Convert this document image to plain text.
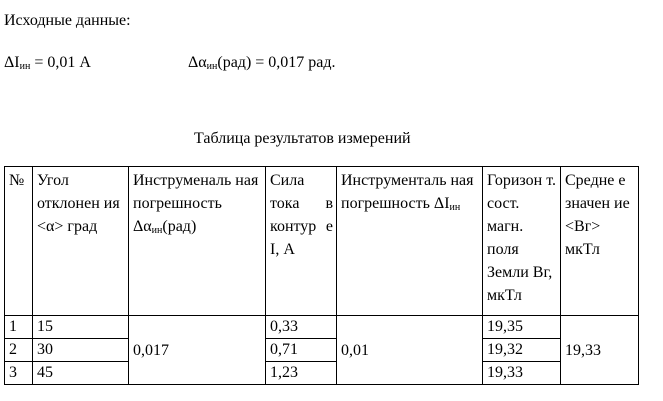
Исходные данные:
$\Delta I_{ин} = 0,01$ А	$\Delta\alpha_{ин}(рад) = 0,017$ рад.
Таблица результатов измерений
№	Угол отклонен ия <α> град	Инструменаль ная погрешность $\Delta\alpha_{ин}(рад)$	Сила тока в контур е I, А	Инструменталь ная погрешность $\Delta I_{ин}$	Горизон т. сост. магн. поля Земли Вг, мкТл	Средне е значен ие <Вг> мкТл
1	15	0,017	0,33	0,01	19,35	19,33
2	30		0,71		19,32	
3	45		1,23		19,33	
